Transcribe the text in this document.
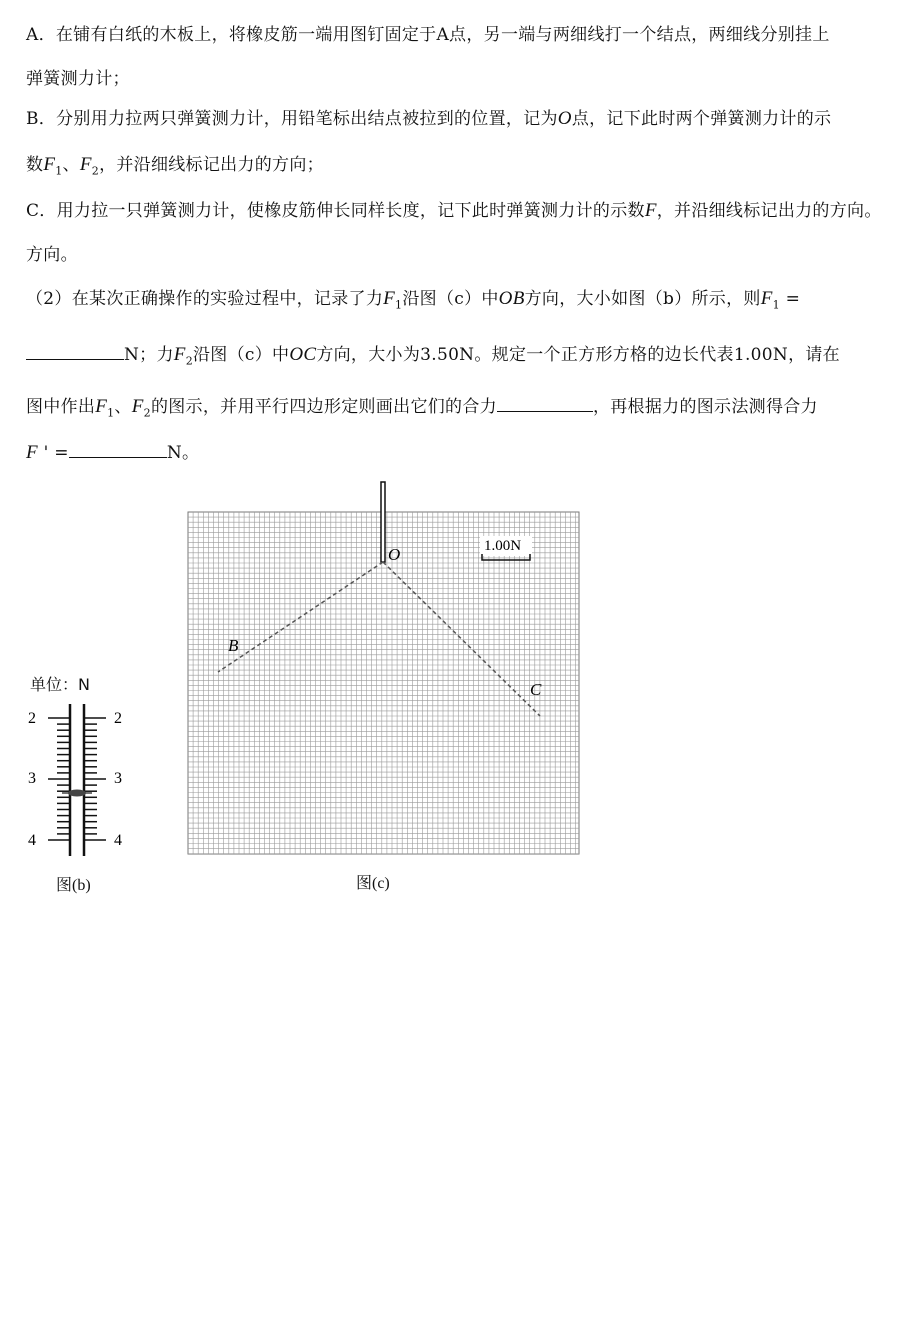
A．在铺有白纸的木板上，将橡皮筋一端用图钉固定于A点，另一端与两细线打一个结点，两细线分别挂上
弹簧测力计；
B．分别用力拉两只弹簧测力计，用铅笔标出结点被拉到的位置，记为O点，记下此时两个弹簧测力计的示
数$F_1$、$F_2$，并沿细线标记出力的方向；
C．用力拉一只弹簧测力计，使橡皮筋伸长同样长度，记下此时弹簧测力计的示数F，并沿细线标记出力的方向。
方向。
（2）在某次正确操作的实验过程中，记录了力$F_1$沿图（c）中OB方向，大小如图（b）所示，则$F_1$ =
N；力$F_2$沿图（c）中OC方向，大小为3.50N。规定一个正方形方格的边长代表1.00N，请在
图中作出$F_1$、$F_2$的图示，并用平行四边形定则画出它们的合力	，再根据力的图示法测得合力
F ' =	N。
单位：N
2	2
3	3
4	4
图(b)
O
B
C
1.00N
图(c)
